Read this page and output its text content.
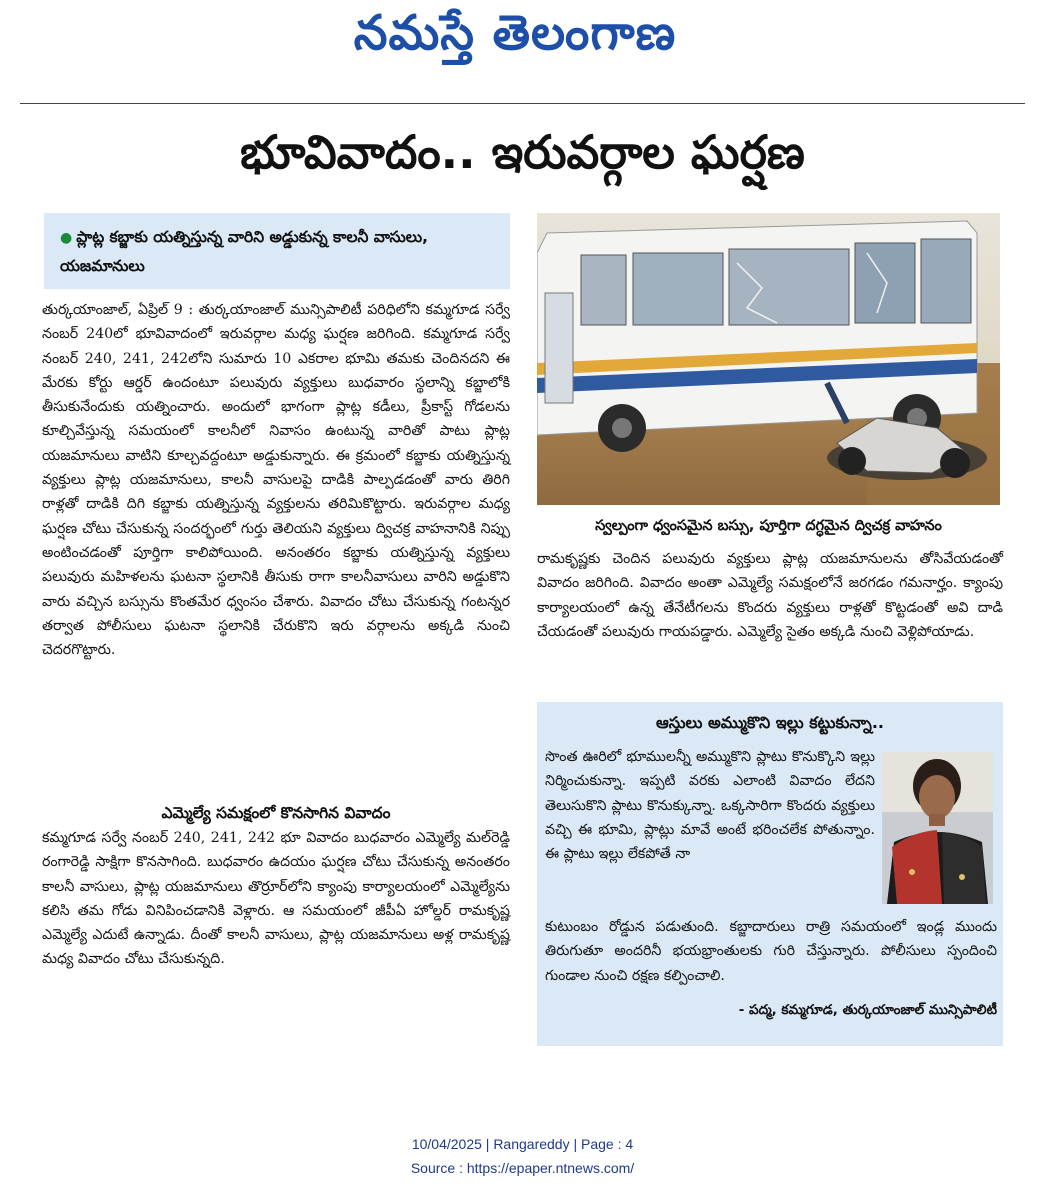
నమస్తే తెలంగాణ
భూవివాదం.. ఇరువర్గాల ఘర్షణ
● ప్లాట్ల కబ్జాకు యత్నిస్తున్న వారిని అడ్డుకున్న కాలనీ వాసులు, యజమానులు

తుర్కయాంజాల్, ఏప్రిల్ 9 : తుర్కయాంజాల్ మున్సిపాలిటీ పరిధిలోని కమ్మగూడ సర్వే నంబర్ 240లో భూవివాదంలో ఇరువర్గాల మధ్య ఘర్షణ జరిగింది. కమ్మగూడ సర్వే నంబర్ 240, 241, 242లోని సుమారు 10 ఎకరాల భూమి తమకు చెందినదని ఈ మేరకు కోర్టు ఆర్డర్ ఉందంటూ పలువురు వ్యక్తులు బుధవారం స్థలాన్ని కబ్జాలోకి తీసుకునేందుకు యత్నించారు. అందులో భాగంగా ప్లాట్ల కడీలు, ప్రీకాస్ట్ గోడలను కూల్చివేస్తున్న సమయంలో కాలనీలో నివాసం ఉంటున్న వారితో పాటు ప్లాట్ల యజమానులు వాటిని కూల్చవద్దంటూ అడ్డుకున్నారు. ఈ క్రమంలో కబ్జాకు యత్నిస్తున్న వ్యక్తులు ప్లాట్ల యజమానులు, కాలనీ వాసులపై దాడికి పాల్పడడంతో వారు తిరిగి రాళ్లతో దాడికి దిగి కబ్జాకు యత్నిస్తున్న వ్యక్తులను తరిమికొట్టారు. ఇరువర్గాల మధ్య ఘర్షణ చోటు చేసుకున్న సందర్భంలో గుర్తు తెలియని వ్యక్తులు ద్విచక్ర వాహనానికి నిప్పు అంటించడంతో పూర్తిగా కాలిపోయింది. అనంతరం కబ్జాకు యత్నిస్తున్న వ్యక్తులు పలువురు మహిళలను ఘటనా స్థలానికి తీసుకు రాగా కాలనీవాసులు వారిని అడ్డుకొని వారు వచ్చిన బస్సును కొంతమేర ధ్వంసం చేశారు. వివాదం చోటు చేసుకున్న గంటన్నర తర్వాత పోలీసులు ఘటనా స్థలానికి చేరుకొని ఇరు వర్గాలను అక్కడి నుంచి చెదరగొట్టారు.

ఎమ్మెల్యే సమక్షంలో కొనసాగిన వివాదం

కమ్మగూడ సర్వే నంబర్ 240, 241, 242 భూ వివాదం బుధవారం ఎమ్మెల్యే మల్‌రెడ్డి రంగారెడ్డి సాక్షిగా కొనసాగింది. బుధవారం ఉదయం ఘర్షణ చోటు చేసుకున్న అనంతరం కాలనీ వాసులు, ప్లాట్ల యజమానులు తొర్రూర్‌లోని క్యాంపు కార్యాలయంలో ఎమ్మెల్యేను కలిసి తమ గోడు వినిపించడానికి వెళ్లారు. ఆ సమయంలో జీపీఏ హోల్డర్ రామకృష్ణ ఎమ్మెల్యే ఎదుటే ఉన్నాడు. దీంతో కాలనీ వాసులు, ప్లాట్ల యజమానులు అళ్ల రామకృష్ణ మధ్య వివాదం చోటు చేసుకున్నది.

స్వల్పంగా ధ్వంసమైన బస్సు, పూర్తిగా దగ్ధమైన ద్విచక్ర వాహనం

రామకృష్ణకు చెందిన పలువురు వ్యక్తులు ప్లాట్ల యజమానులను తోసివేయడంతో వివాదం జరిగింది. వివాదం అంతా ఎమ్మెల్యే సమక్షంలోనే జరగడం గమనార్హం. క్యాంపు కార్యాలయంలో ఉన్న తేనేటీగలను కొందరు వ్యక్తులు రాళ్లతో కొట్టడంతో అవి దాడి చేయడంతో పలువురు గాయపడ్డారు. ఎమ్మెల్యే సైతం అక్కడి నుంచి వెళ్లిపోయాడు.

ఆస్తులు అమ్ముకొని ఇల్లు కట్టుకున్నా..

సొంత ఊరిలో భూములన్నీ అమ్ముకొని ప్లాటు కొనుక్కొని ఇల్లు నిర్మించుకున్నా. ఇప్పటి వరకు ఎలాంటి వివాదం లేదని తెలుసుకొని ప్లాటు కొనుక్కున్నా. ఒక్కసారిగా కొందరు వ్యక్తులు వచ్చి ఈ భూమి, ప్లాట్లు మావే అంటే భరించలేక పోతున్నాం. ఈ ప్లాటు ఇల్లు లేకపోతే నా

కుటుంబం రోడ్డున పడుతుంది. కబ్జాదారులు రాత్రి సమయంలో ఇండ్ల ముందు తిరుగుతూ అందరినీ భయభ్రాంతులకు గురి చేస్తున్నారు. పోలీసులు స్పందించి గుండాల నుంచి రక్షణ కల్పించాలి.

- పద్మ, కమ్మగూడ, తుర్కయాంజాల్ మున్సిపాలిటీ
10/04/2025 | Rangareddy | Page : 4
Source : https://epaper.ntnews.com/
